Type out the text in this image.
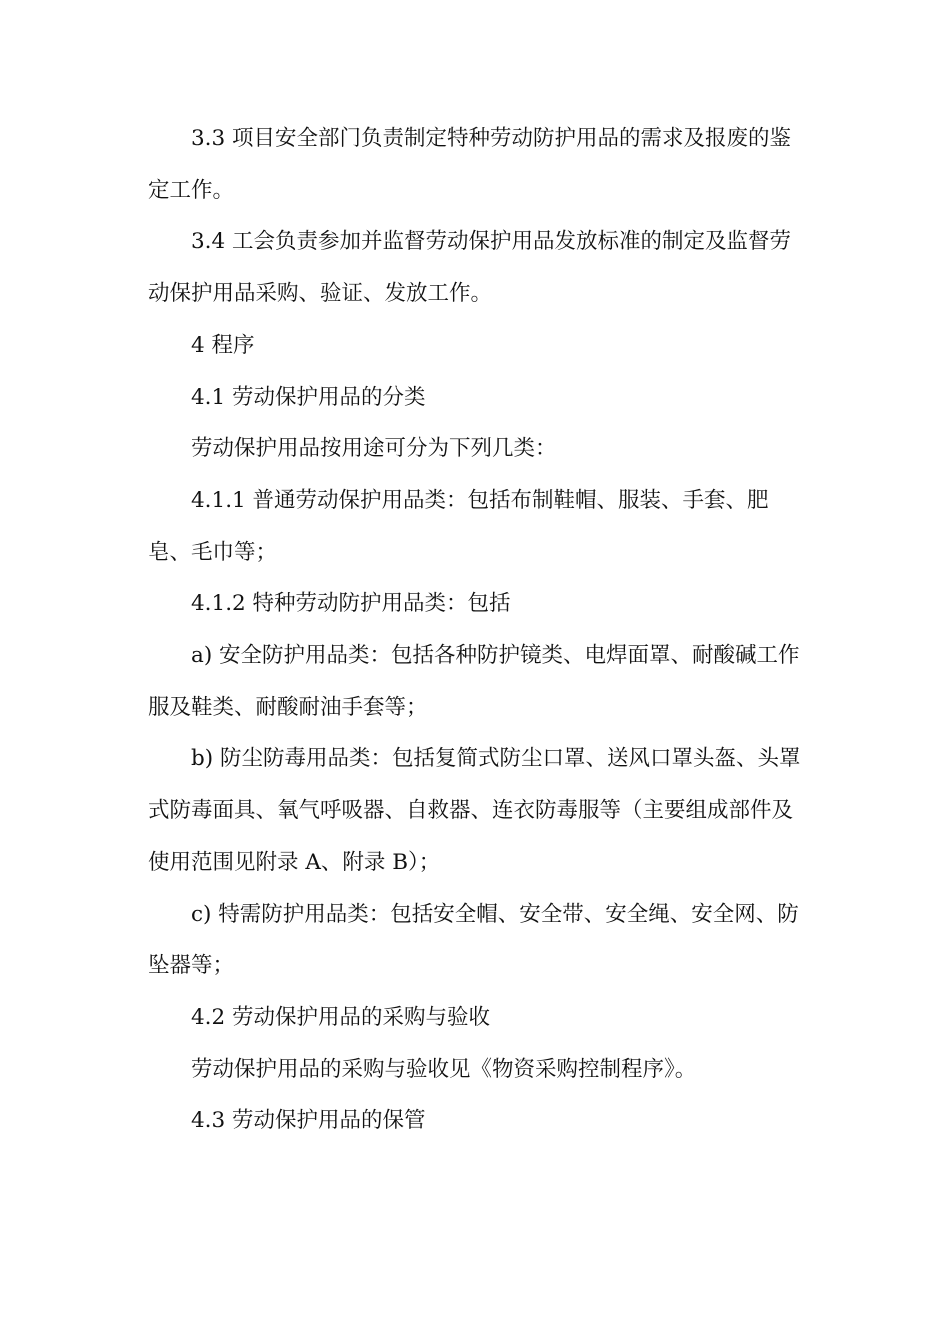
3.3 项目安全部门负责制定特种劳动防护用品的需求及报废的鉴定工作。

3.4 工会负责参加并监督劳动保护用品发放标准的制定及监督劳动保护用品采购、验证、发放工作。

4 程序

4.1 劳动保护用品的分类

劳动保护用品按用途可分为下列几类：

4.1.1 普通劳动保护用品类：包括布制鞋帽、服装、手套、肥皂、毛巾等；

4.1.2 特种劳动防护用品类：包括

a) 安全防护用品类：包括各种防护镜类、电焊面罩、耐酸碱工作服及鞋类、耐酸耐油手套等；

b) 防尘防毒用品类：包括复简式防尘口罩、送风口罩头盔、头罩式防毒面具、氧气呼吸器、自救器、连衣防毒服等（主要组成部件及使用范围见附录 A、附录 B）；

c) 特需防护用品类：包括安全帽、安全带、安全绳、安全网、防坠器等；

4.2 劳动保护用品的采购与验收

劳动保护用品的采购与验收见《物资采购控制程序》。

4.3 劳动保护用品的保管
